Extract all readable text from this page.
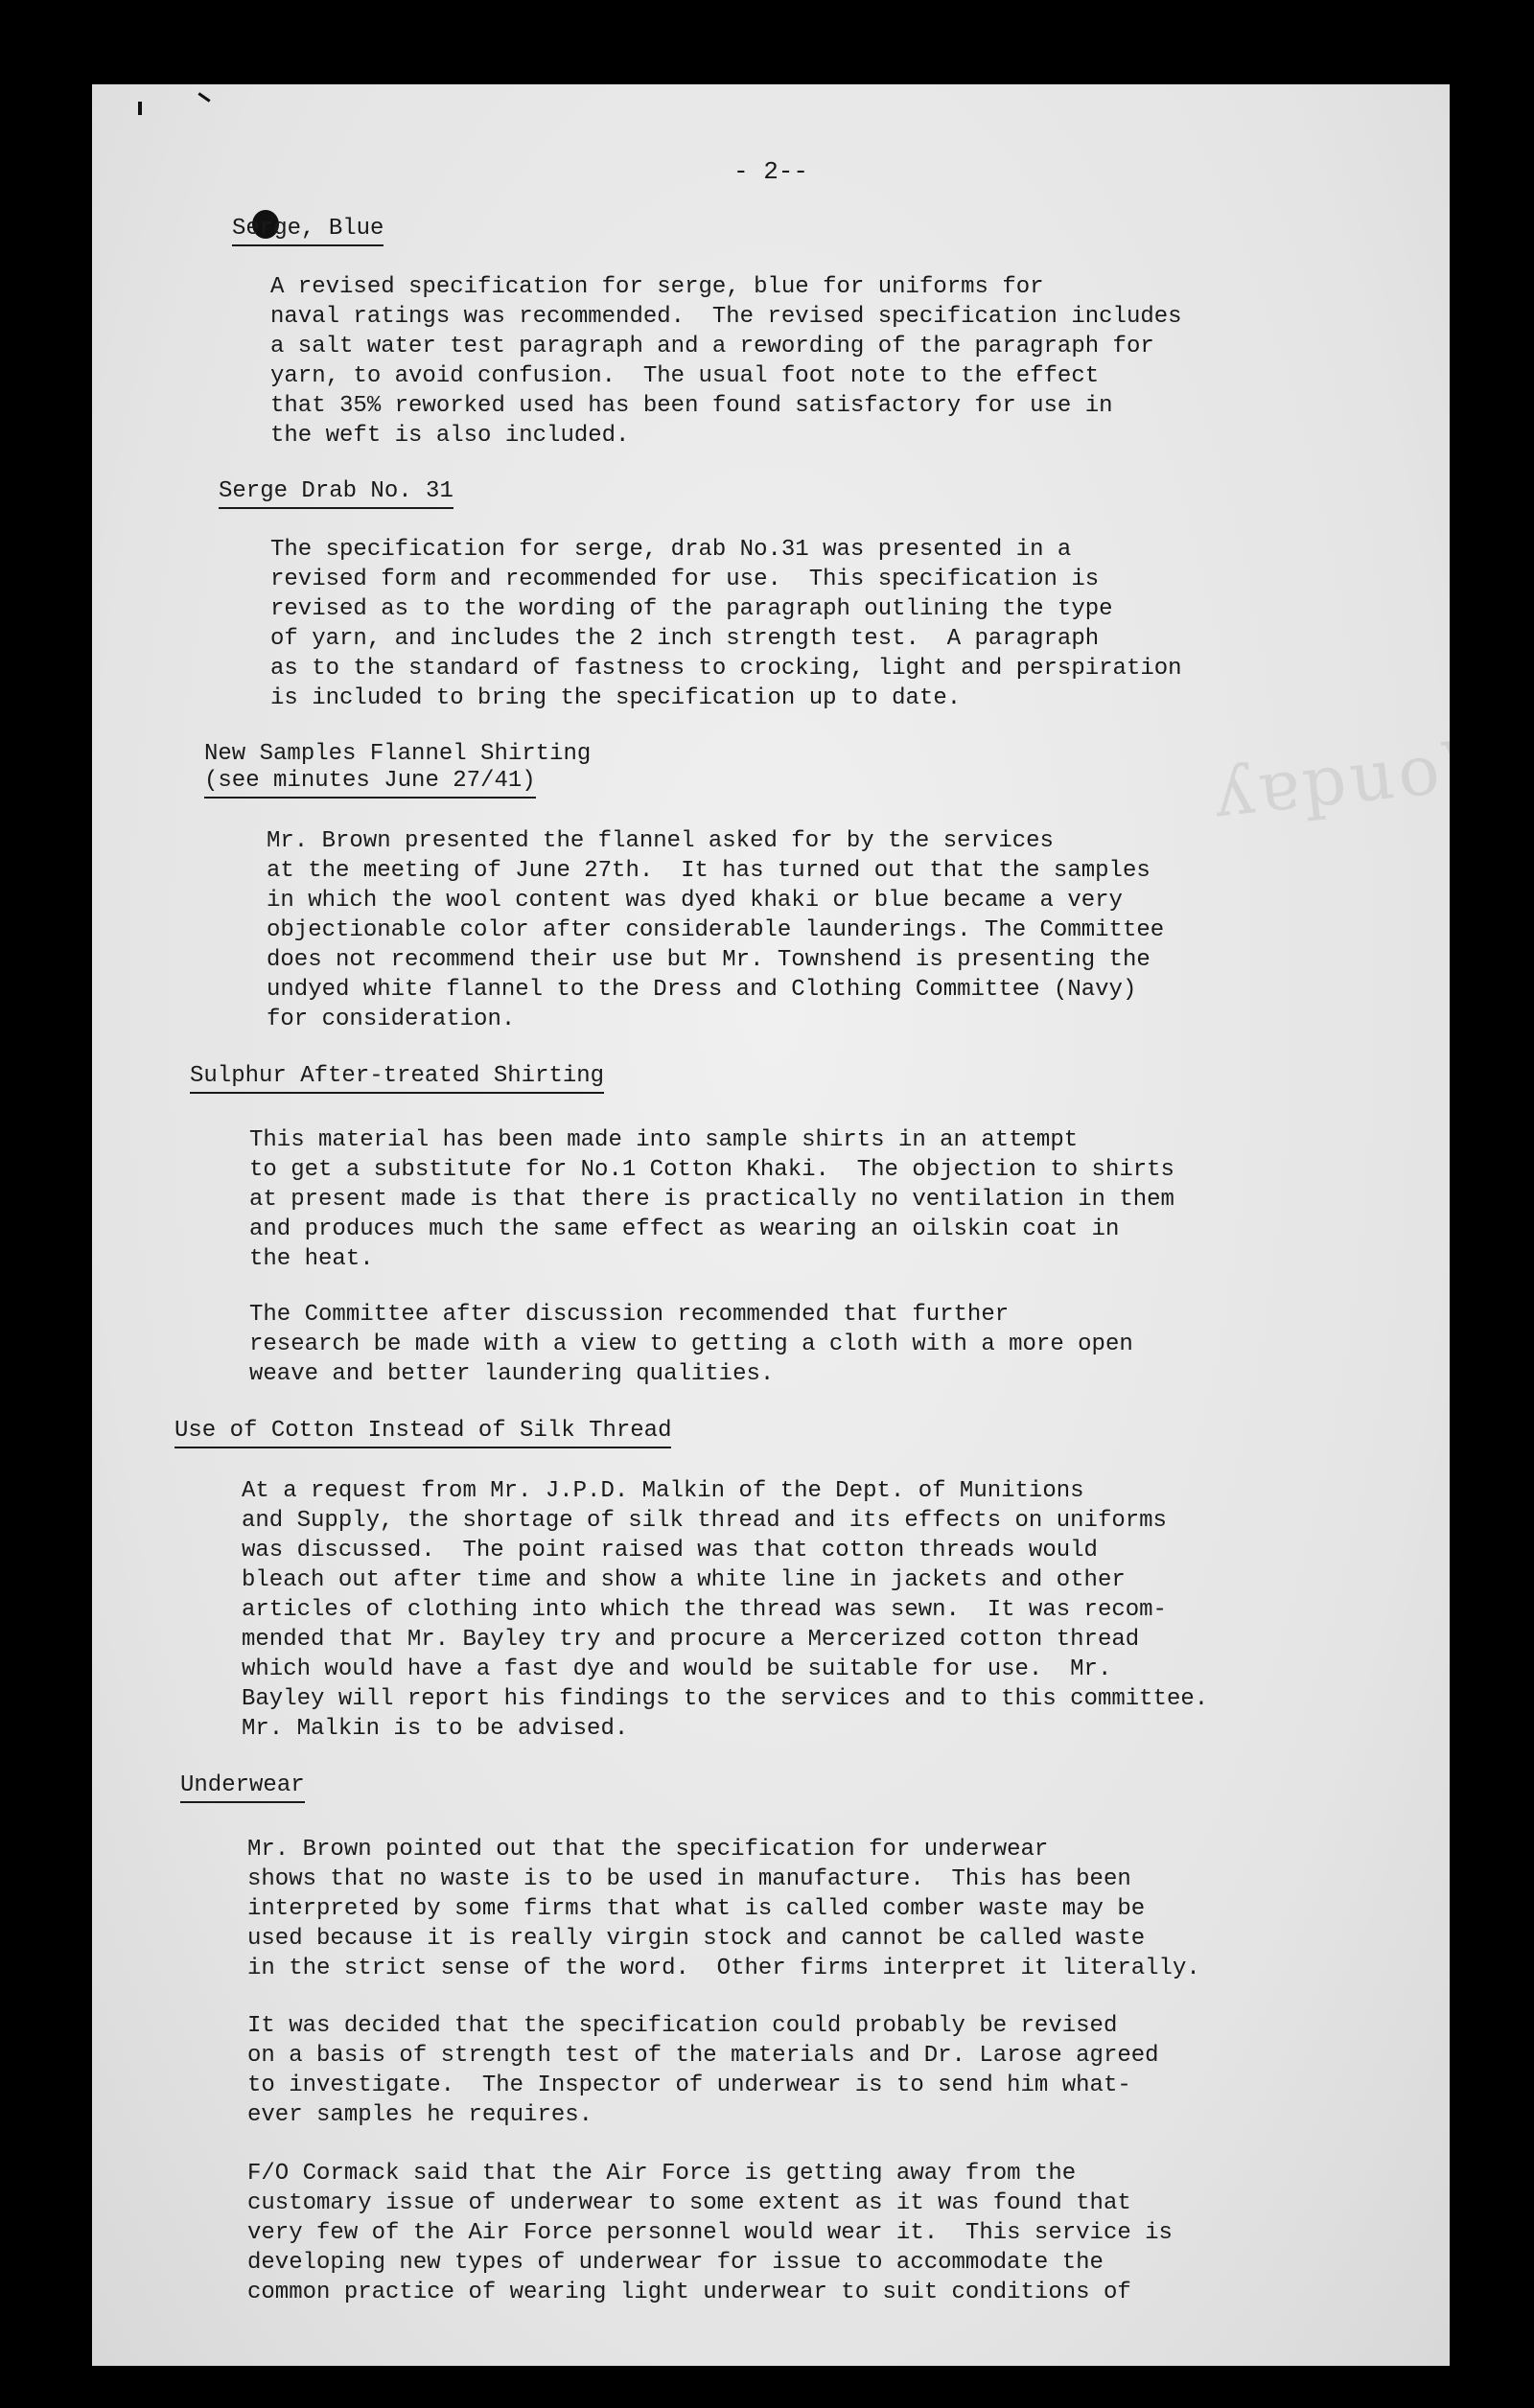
ʎɐpuoW
- 2--
Serge, Blue
A revised specification for serge, blue for uniforms for
naval ratings was recommended.  The revised specification includes
a salt water test paragraph and a rewording of the paragraph for
yarn, to avoid confusion.  The usual foot note to the effect
that 35% reworked used has been found satisfactory for use in
the weft is also included.
Serge Drab No. 31
The specification for serge, drab No.31 was presented in a
revised form and recommended for use.  This specification is
revised as to the wording of the paragraph outlining the type
of yarn, and includes the 2 inch strength test.  A paragraph
as to the standard of fastness to crocking, light and perspiration
is included to bring the specification up to date.
New Samples Flannel Shirting
(see minutes June 27/41)
Mr. Brown presented the flannel asked for by the services
at the meeting of June 27th.  It has turned out that the samples
in which the wool content was dyed khaki or blue became a very
objectionable color after considerable launderings. The Committee
does not recommend their use but Mr. Townshend is presenting the
undyed white flannel to the Dress and Clothing Committee (Navy)
for consideration.
Sulphur After-treated Shirting
This material has been made into sample shirts in an attempt
to get a substitute for No.1 Cotton Khaki.  The objection to shirts
at present made is that there is practically no ventilation in them
and produces much the same effect as wearing an oilskin coat in
the heat.
The Committee after discussion recommended that further
research be made with a view to getting a cloth with a more open
weave and better laundering qualities.
Use of Cotton Instead of Silk Thread
At a request from Mr. J.P.D. Malkin of the Dept. of Munitions
and Supply, the shortage of silk thread and its effects on uniforms
was discussed.  The point raised was that cotton threads would
bleach out after time and show a white line in jackets and other
articles of clothing into which the thread was sewn.  It was recom-
mended that Mr. Bayley try and procure a Mercerized cotton thread
which would have a fast dye and would be suitable for use.  Mr.
Bayley will report his findings to the services and to this committee.
Mr. Malkin is to be advised.
Underwear
Mr. Brown pointed out that the specification for underwear
shows that no waste is to be used in manufacture.  This has been
interpreted by some firms that what is called comber waste may be
used because it is really virgin stock and cannot be called waste
in the strict sense of the word.  Other firms interpret it literally.
It was decided that the specification could probably be revised
on a basis of strength test of the materials and Dr. Larose agreed
to investigate.  The Inspector of underwear is to send him what-
ever samples he requires.
F/O Cormack said that the Air Force is getting away from the
customary issue of underwear to some extent as it was found that
very few of the Air Force personnel would wear it.  This service is
developing new types of underwear for issue to accommodate the
common practice of wearing light underwear to suit conditions of
